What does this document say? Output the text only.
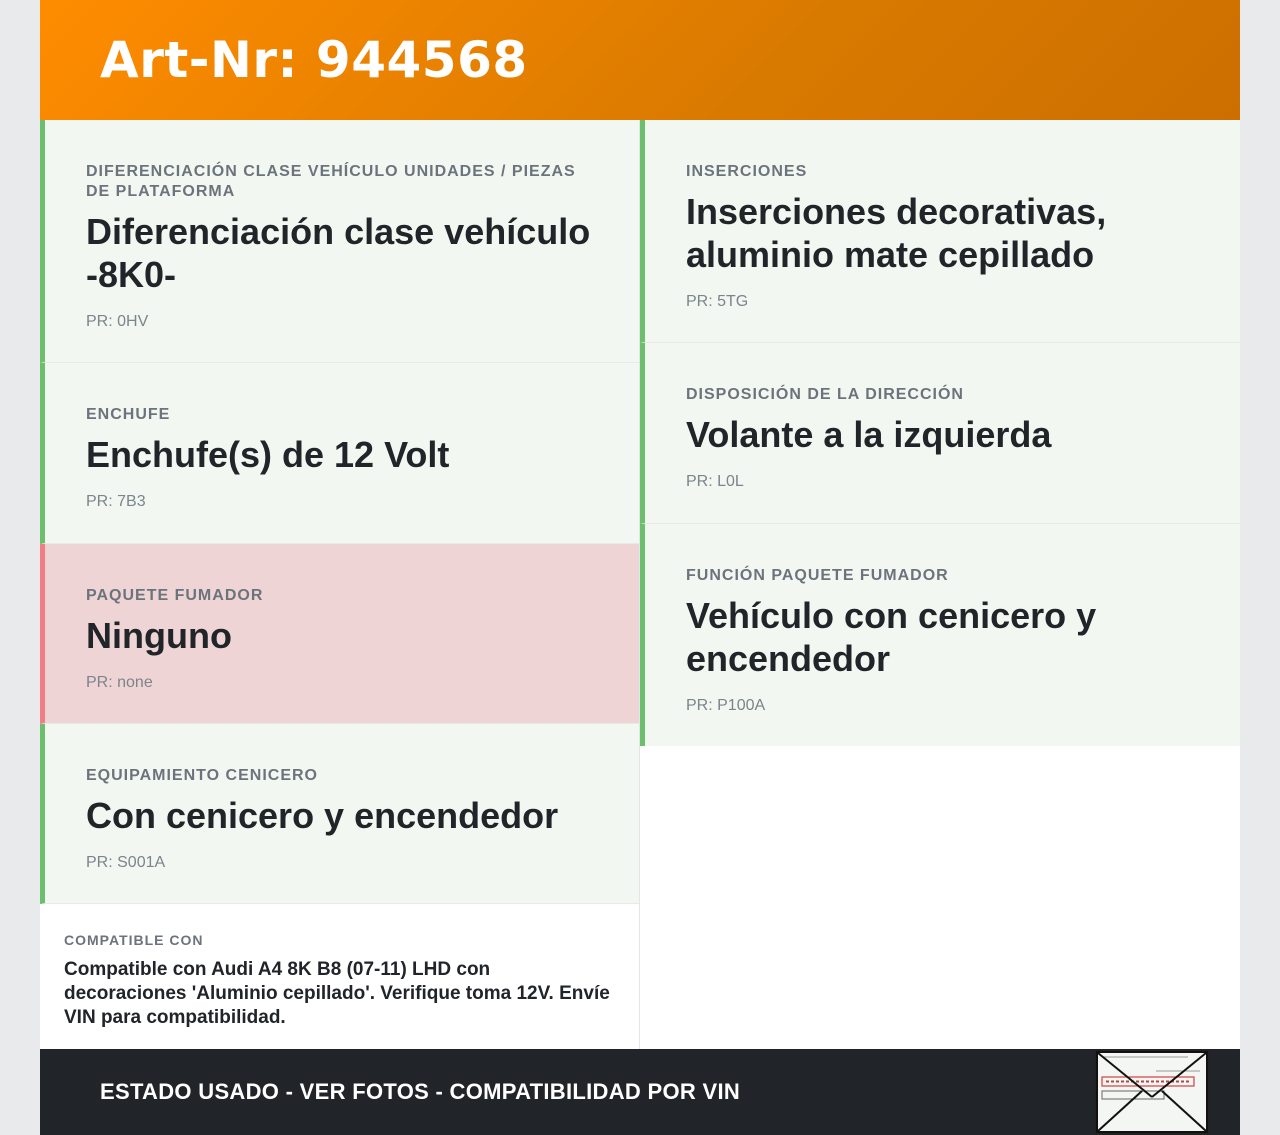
Art-Nr: 944568
DIFERENCIACIÓN CLASE VEHÍCULO UNIDADES / PIEZAS DE PLATAFORMA
Diferenciación clase vehículo -8K0-
PR: 0HV
ENCHUFE
Enchufe(s) de 12 Volt
PR: 7B3
PAQUETE FUMADOR
Ninguno
PR: none
EQUIPAMIENTO CENICERO
Con cenicero y encendedor
PR: S001A
COMPATIBLE CON
Compatible con Audi A4 8K B8 (07-11) LHD con decoraciones 'Aluminio cepillado'. Verifique toma 12V. Envíe VIN para compatibilidad.
INSERCIONES
Inserciones decorativas, aluminio mate cepillado
PR: 5TG
DISPOSICIÓN DE LA DIRECCIÓN
Volante a la izquierda
PR: L0L
FUNCIÓN PAQUETE FUMADOR
Vehículo con cenicero y encendedor
PR: P100A
ESTADO USADO - VER FOTOS - COMPATIBILIDAD POR VIN
